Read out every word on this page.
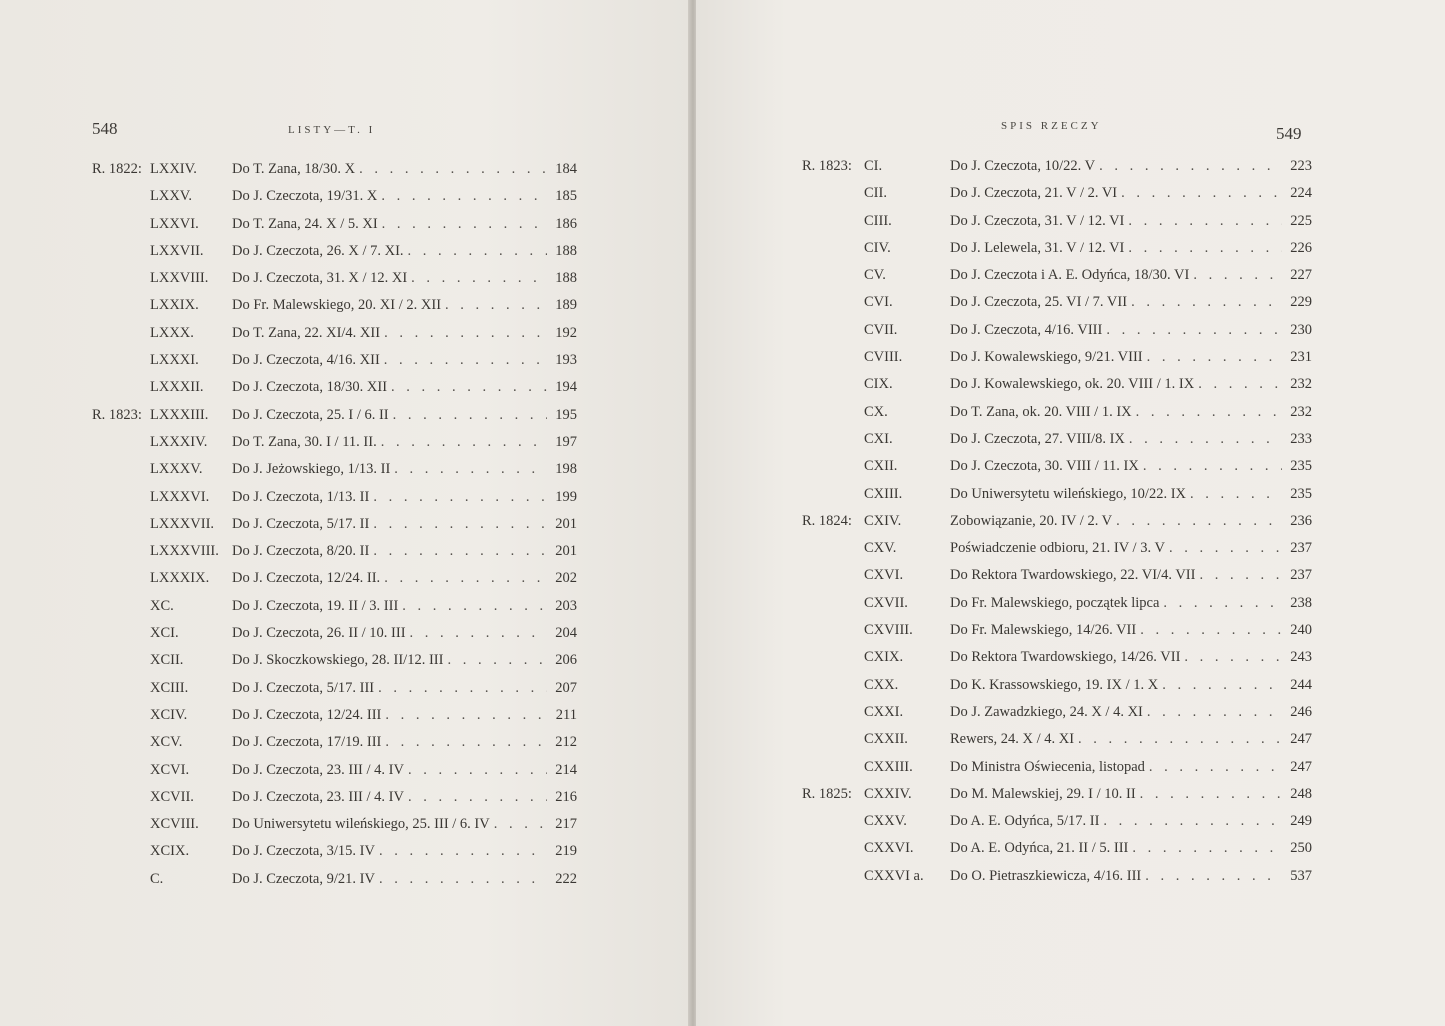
548	LISTY—T. I
R. 1822: LXXIV. Do T. Zana, 18/30. X . . .	184
LXXV.	Do J. Czeczota, 19/31. X . . .	185
LXXVI. Do T. Zana, 24. X / 5. XI . . .	186
LXXVII. Do J. Czeczota, 26. X / 7. XI. . . .	188
LXXVIII. Do J. Czeczota, 31. X / 12. XI . . .	188
LXXIX. Do Fr. Malewskiego, 20. XI / 2. XII . . .	189
LXXX.	Do T. Zana, 22. XI/4. XII . . .	192
LXXXI. Do J. Czeczota, 4/16. XII . . .	193
LXXXII. Do J. Czeczota, 18/30. XII . . .	194
R. 1823: LXXXIII. Do J. Czeczota, 25. I / 6. II . . .	195
LXXXIV. Do T. Zana, 30. I / 11. II. . . .	197
LXXXV. Do J. Jeżowskiego, 1/13. II . . .	198
LXXXVI. Do J. Czeczota, 1/13. II . . .	199
LXXXVII. Do J. Czeczota, 5/17. II . . .	201
LXXXVIII. Do J. Czeczota, 8/20. II . . .	201
LXXXIX. Do J. Czeczota, 12/24. II. . . .	202
XC.	Do J. Czeczota, 19. II / 3. III . . .	203
XCI.	Do J. Czeczota, 26. II / 10. III . . .	204
XCII.	Do J. Skoczkowskiego, 28. II/12. III . . .	206
XCIII.	Do J. Czeczota, 5/17. III . . .	207
XCIV.	Do J. Czeczota, 12/24. III . . .	211
XCV.	Do J. Czeczota, 17/19. III . . .	212
XCVI.	Do J. Czeczota, 23. III / 4. IV . . .	214
XCVII.	Do J. Czeczota, 23. III / 4. IV . . .	216
XCVIII. Do Uniwersytetu wileńskiego, 25. III / 6. IV . . .	217
XCIX.	Do J. Czeczota, 3/15. IV . . .	219
C.	Do J. Czeczota, 9/21. IV . . .	222
SPIS RZECZY	549
R. 1823: CI.	Do J. Czeczota, 10/22. V . . .	223
CII.	Do J. Czeczota, 21. V / 2. VI . . .	224
CIII.	Do J. Czeczota, 31. V / 12. VI . . .	225
CIV.	Do J. Lelewela, 31. V / 12. VI . . .	226
CV.	Do J. Czeczota i A. E. Odyńca, 18/30. VI . . .	227
CVI.	Do J. Czeczota, 25. VI / 7. VII . . .	229
CVII.	Do J. Czeczota, 4/16. VIII . . .	230
CVIII.	Do J. Kowalewskiego, 9/21. VIII . . .	231
CIX.	Do J. Kowalewskiego, ok. 20. VIII / 1. IX . . .	232
CX.	Do T. Zana, ok. 20. VIII / 1. IX . . .	232
CXI.	Do J. Czeczota, 27. VIII/8. IX . . .	233
CXII.	Do J. Czeczota, 30. VIII / 11. IX . . .	235
CXIII.	Do Uniwersytetu wileńskiego, 10/22. IX . . .	235
R. 1824: CXIV.	Zobowiązanie, 20. IV / 2. V . . .	236
CXV.	Poświadczenie odbioru, 21. IV / 3. V . . .	237
CXVI.	Do Rektora Twardowskiego, 22. VI/4. VII . . .	237
CXVII.	Do Fr. Malewskiego, początek lipca . . .	238
CXVIII.	Do Fr. Malewskiego, 14/26. VII . . .	240
CXIX.	Do Rektora Twardowskiego, 14/26. VII . . .	243
CXX.	Do K. Krassowskiego, 19. IX / 1. X . . .	244
CXXI.	Do J. Zawadzkiego, 24. X / 4. XI . . .	246
CXXII.	Rewers, 24. X / 4. XI . . .	247
CXXIII.	Do Ministra Oświecenia, listopad . . .	247
R. 1825: CXXIV.	Do M. Malewskiej, 29. I / 10. II . . .	248
CXXV.	Do A. E. Odyńca, 5/17. II . . .	249
CXXVI.	Do A. E. Odyńca, 21. II / 5. III . . .	250
CXXVI a. Do O. Pietraszkiewicza, 4/16. III . . .	537
